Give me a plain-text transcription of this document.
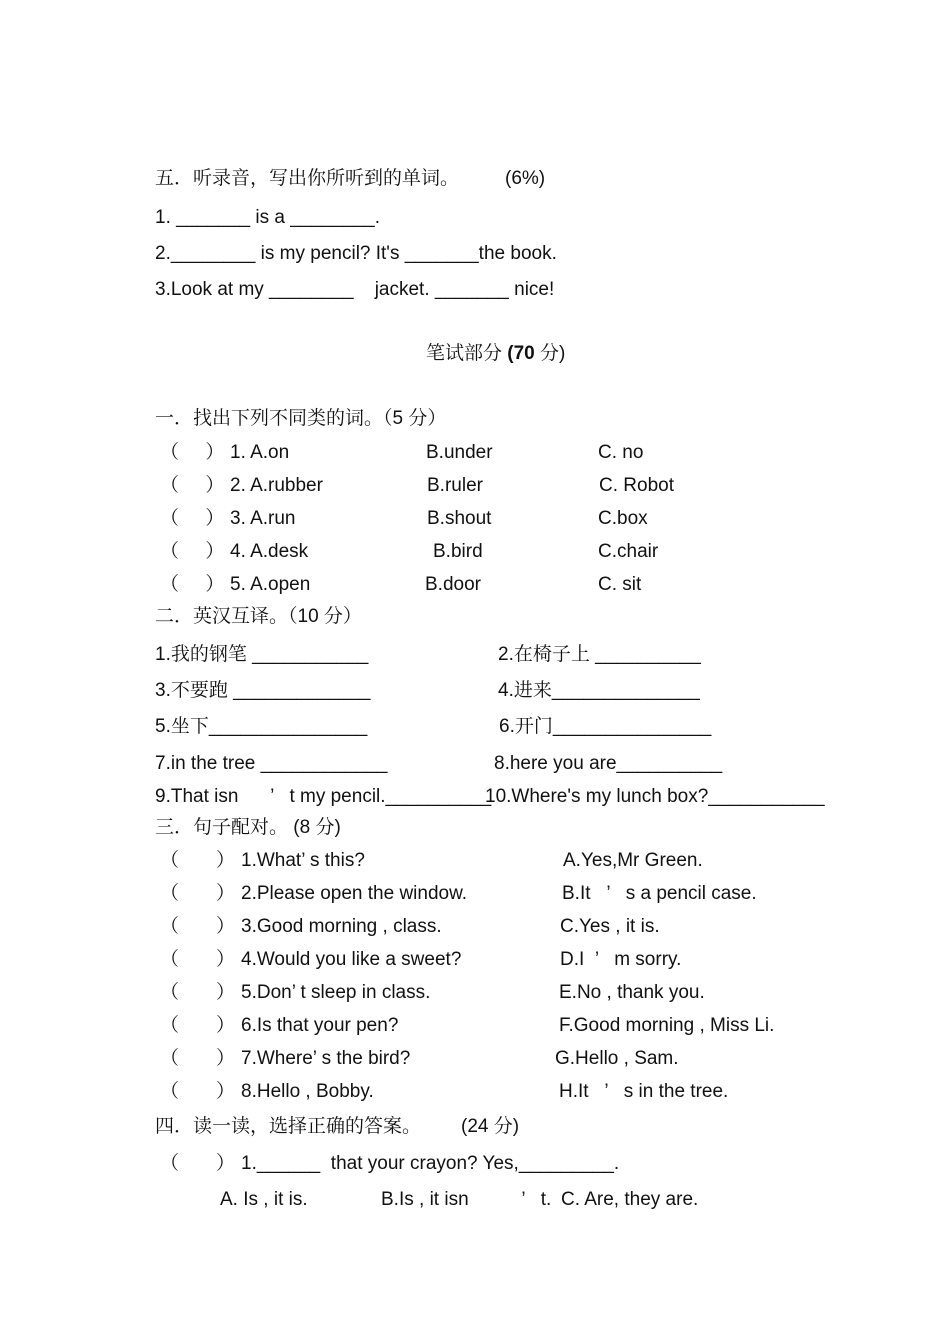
五．听录音，写出你所听到的单词。 (6%)
1. _______ is a ________.
2.________ is my pencil? It's _______the book.
3.Look at my ________    jacket. _______ nice!
笔试部分 (70 分)
一．找出下列不同类的词。（5 分）
（     ） 1. A.on	B.under	C. no
（     ） 2. A.rubber	B.ruler	C. Robot
（     ） 3. A.run	B.shout	C.box
（     ） 4. A.desk	B.bird	C.chair
（     ） 5. A.open	B.door	C. sit
二．英汉互译。（10 分）
1.我的钢笔 ___________	2.在椅子上 __________
3.不要跑 _____________	4.进来______________
5.坐下_______________	6.开门_______________
7.in the tree ____________	8.here you are__________
9.That isn      ’   t my pencil.__________
10.Where's my lunch box?___________
三．句子配对。 (8 分)
（       ） 1.What’ s this?	A.Yes,Mr Green.
（       ） 2.Please open the window.	B.It   ’   s a pencil case.
（       ） 3.Good morning , class.	C.Yes , it is.
（       ） 4.Would you like a sweet?	D.I  ’   m sorry.
（       ） 5.Don’ t sleep in class.	E.No , thank you.
（       ） 6.Is that your pen?	F.Good morning , Miss Li.
（       ） 7.Where’ s the bird?	G.Hello , Sam.
（       ） 8.Hello , Bobby.	H.It   ’   s in the tree.
四．读一读，选择正确的答案。 (24 分)
（       ） 1.______  that your crayon? Yes,_________.
A. Is , it is.	B.Is , it isn          ’   t. C. Are, they are.
